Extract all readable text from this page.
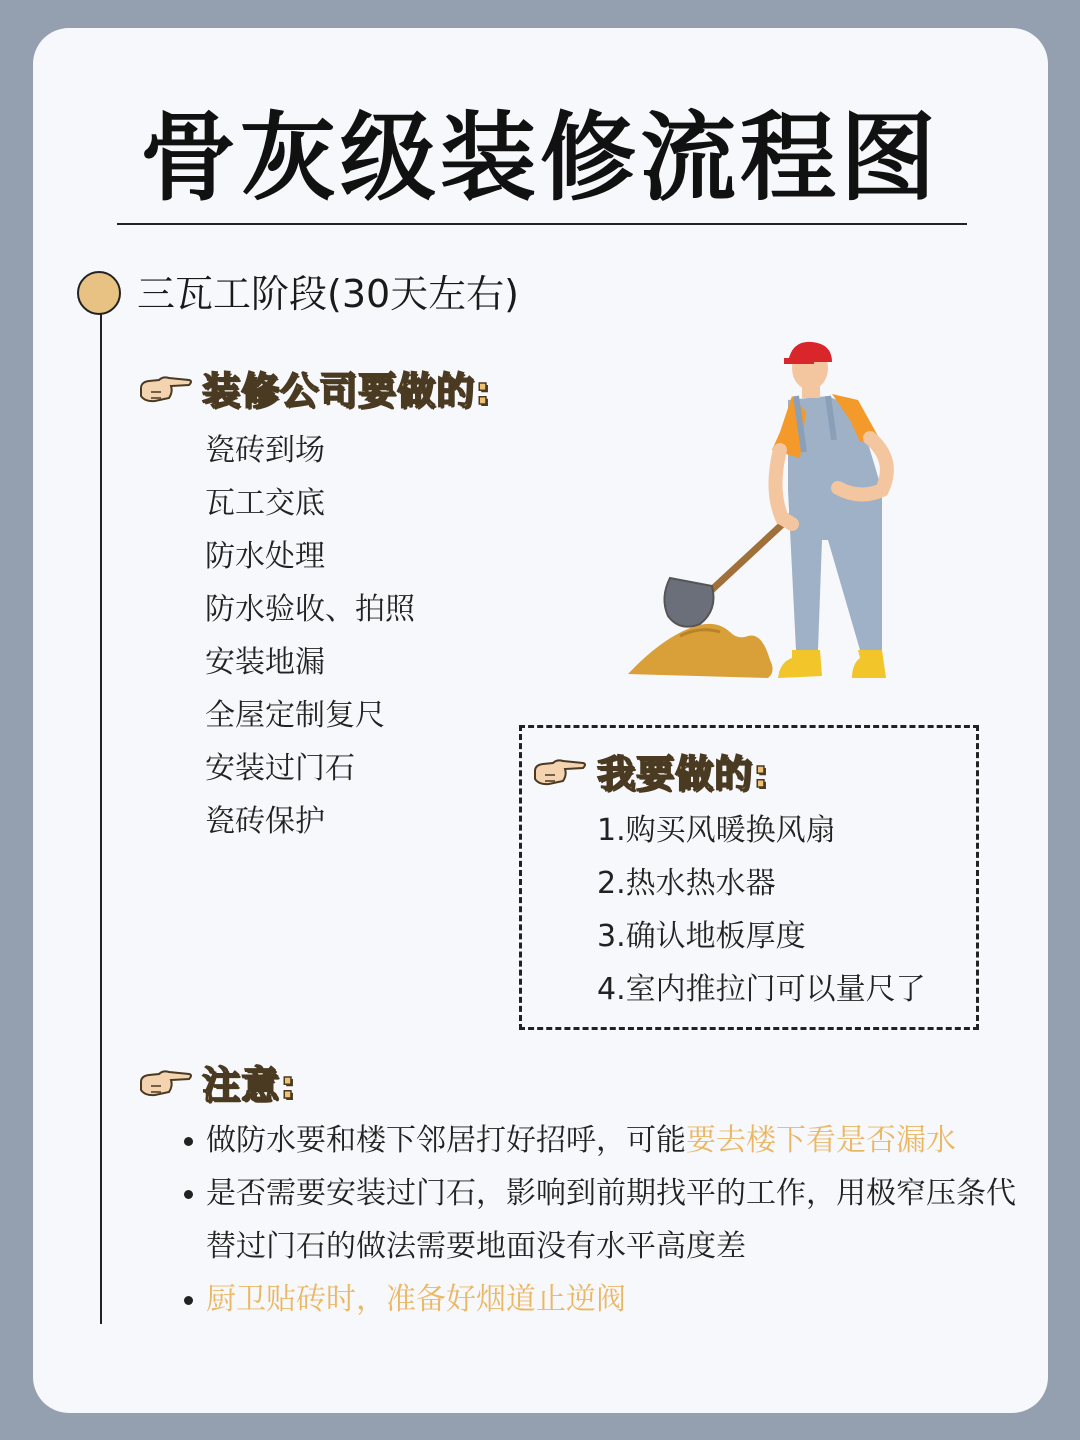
骨灰级装修流程图
三瓦工阶段(30天左右)
装修公司要做的:
瓷砖到场
瓦工交底
防水处理
防水验收、拍照
安装地漏
全屋定制复尺
安装过门石
瓷砖保护
我要做的:
1.购买风暖换风扇
2.热水热水器
3.确认地板厚度
4.室内推拉门可以量尺了
注意:
做防水要和楼下邻居打好招呼，可能要去楼下看是否漏水
是否需要安装过门石，影响到前期找平的工作，用极窄压条代替过门石的做法需要地面没有水平高度差
厨卫贴砖时，准备好烟道止逆阀
